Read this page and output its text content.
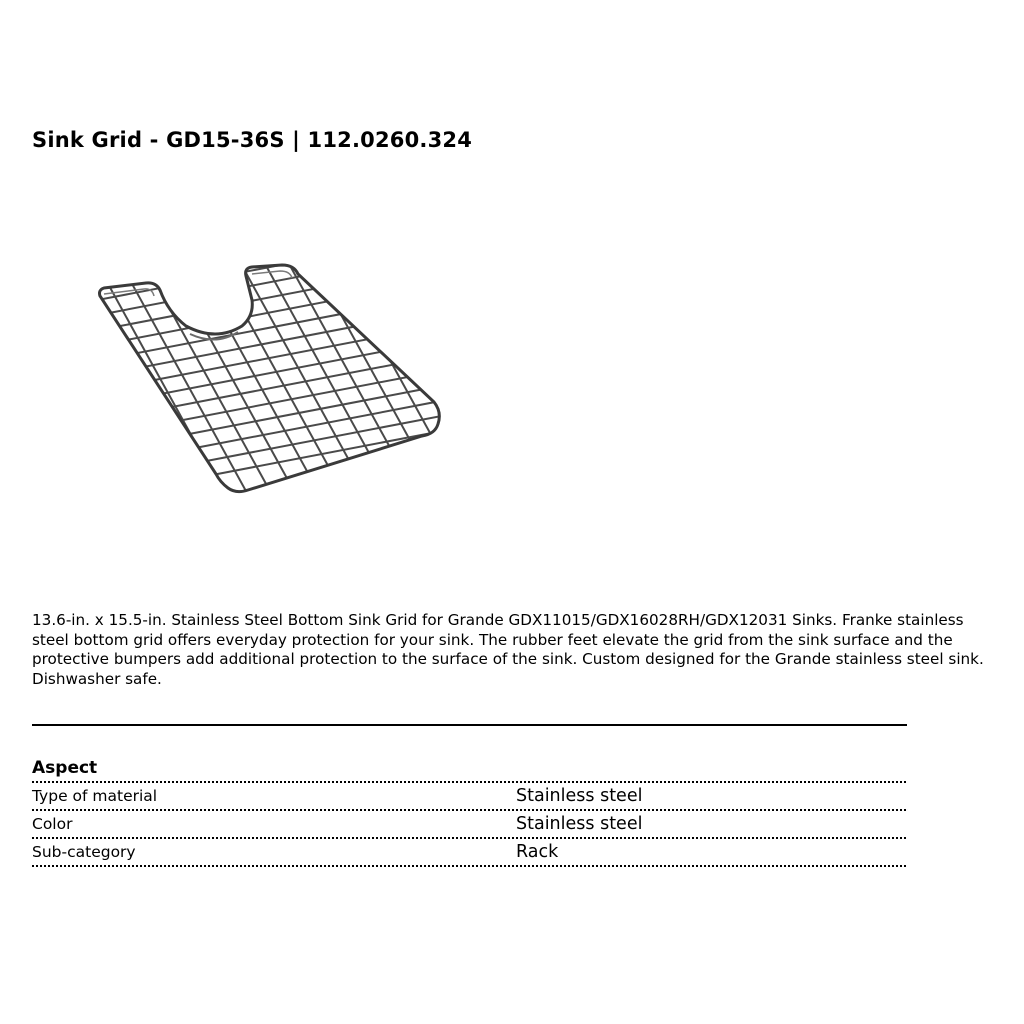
Sink Grid - GD15-36S | 112.0260.324

13.6-in. x 15.5-in. Stainless Steel Bottom Sink Grid for Grande GDX11015/GDX16028RH/GDX12031 Sinks. Franke stainless steel bottom grid offers everyday protection for your sink. The rubber feet elevate the grid from the sink surface and the protective bumpers add additional protection to the surface of the sink. Custom designed for the Grande stainless steel sink. Dishwasher safe.

Aspect
Type of material	Stainless steel
Color	Stainless steel
Sub-category	Rack
